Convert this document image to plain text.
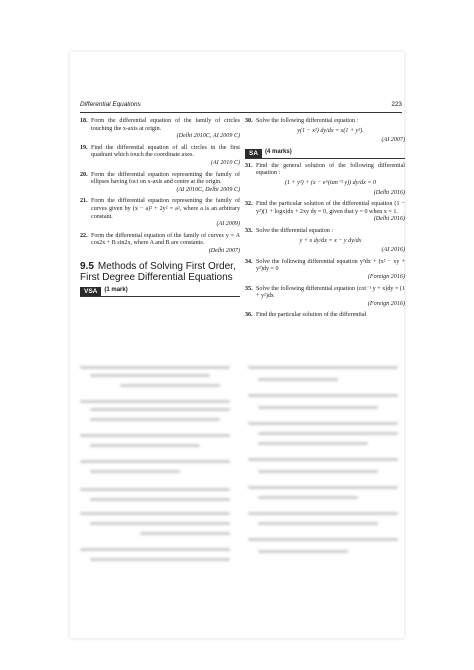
Differential Equations	223
18. Form the differential equation of the family of circles touching the x-axis at origin.
(Delhi 2010C, AI 2009 C)
19. Find the differential equation of all circles in the first quadrant which touch the coordinate axes.
(AI 2010 C)
20. Form the differential equation representing the family of ellipses having foci on x-axis and centre at the origin.
(AI 2010C, Delhi 2009 C)
21. Form the differential equation representing the family of curves given by (x − a)² + 2y² = a², where a is an arbitrary constant.
(AI 2009)
22. Form the differential equation of the family of curves y = A cos2x + B sin2x, where A and B are constants.
(Delhi 2007)
9.5 Methods of Solving First Order, First Degree Differential Equations
VSA	(1 mark)
30. Solve the following differential equation :
y(1 − x²) dy/dx = x(1 + y²).
(AI 2007)
SA	(4 marks)
31. Find the general solution of the following differential equation :
(1 + y²) + (x − e^(tan⁻¹ y)) dy/dx = 0
(Delhi 2016)
32. Find the particular solution of the differential equation (1 − y²)(1 + logx)dx + 2xy dy = 0, given that y = 0 when x = 1.
(Delhi 2016)
33. Solve the differential equation :
y + x dy/dx = x − y dy/dx
(AI 2016)
34. Solve the following differential equation y²dx + (x² − xy + y²)dy = 0
(Foreign 2016)
35. Solve the following differential equation (cot⁻¹ y + x)dy = (1 + y²)dx
(Foreign 2016)
36. Find the particular solution of the differential
